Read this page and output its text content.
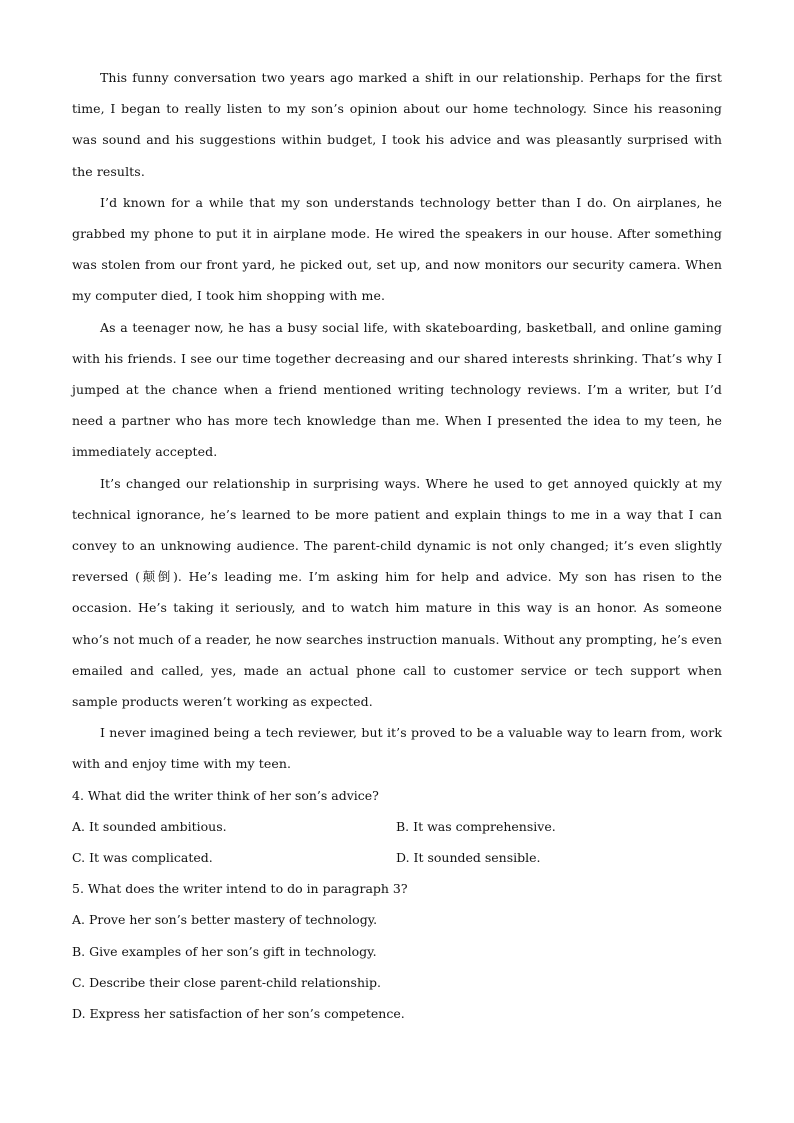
This funny conversation two years ago marked a shift in our relationship. Perhaps for the first time, I began to really listen to my son’s opinion about our home technology. Since his reasoning was sound and his suggestions within budget, I took his advice and was pleasantly surprised with the results.

I’d known for a while that my son understands technology better than I do. On airplanes, he grabbed my phone to put it in airplane mode. He wired the speakers in our house. After something was stolen from our front yard, he picked out, set up, and now monitors our security camera. When my computer died, I took him shopping with me.

As a teenager now, he has a busy social life, with skateboarding, basketball, and online gaming with his friends. I see our time together decreasing and our shared interests shrinking. That’s why I jumped at the chance when a friend mentioned writing technology reviews. I’m a writer, but I’d need a partner who has more tech knowledge than me. When I presented the idea to my teen, he immediately accepted.

It’s changed our relationship in surprising ways. Where he used to get annoyed quickly at my technical ignorance, he’s learned to be more patient and explain things to me in a way that I can convey to an unknowing audience. The parent-child dynamic is not only changed; it’s even slightly reversed (颠倒). He’s leading me. I’m asking him for help and advice. My son has risen to the occasion. He’s taking it seriously, and to watch him mature in this way is an honor. As someone who’s not much of a reader, he now searches instruction manuals. Without any prompting, he’s even emailed and called, yes, made an actual phone call to customer service or tech support when sample products weren’t working as expected.

I never imagined being a tech reviewer, but it’s proved to be a valuable way to learn from, work with and enjoy time with my teen.

4. What did the writer think of her son’s advice?

A. It sounded ambitious.	B. It was comprehensive.
C. It was complicated.	D. It sounded sensible.

5. What does the writer intend to do in paragraph 3?

A. Prove her son’s better mastery of technology.
B. Give examples of her son’s gift in technology.
C. Describe their close parent-child relationship.
D. Express her satisfaction of her son’s competence.
